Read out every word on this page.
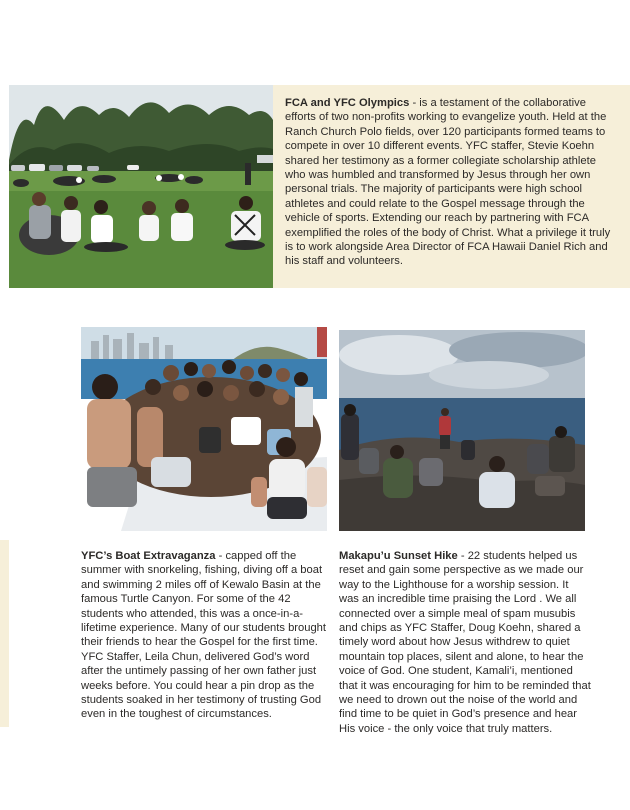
FCA and YFC Olympics - is a testament of the collaborative efforts of two non-profits working to evangelize youth. Held at the Ranch Church Polo fields, over 120 participants formed teams to compete in over 10 different events. YFC staffer, Stevie Koehn shared her testimony as a former collegiate scholarship athlete who was humbled and transformed by Jesus through her own personal trials. The majority of participants were high school athletes and could relate to the Gospel message through the vehicle of sports. Extending our reach by partnering with FCA exemplified the roles of the body of Christ. What a privilege it truly is to work alongside Area Director of FCA Hawaii Daniel Rich and his staff and volunteers.

YFC’s Boat Extravaganza - capped off the summer with snorkeling, fishing, diving off a boat and swimming 2 miles off of Kewalo Basin at the famous Turtle Canyon. For some of the 42 students who attended, this was a once-in-a-lifetime experience. Many of our students brought their friends to hear the Gospel for the first time. YFC Staffer, Leila Chun, delivered God’s word after the untimely passing of her own father just weeks before. You could hear a pin drop as the students soaked in her testimony of trusting God even in the toughest of circumstances.

Makapu’u Sunset Hike - 22 students helped us reset and gain some perspective as we made our way to the Lighthouse for a worship session. It was an incredible time praising the Lord . We all connected over a simple meal of spam musubis and chips as YFC Staffer, Doug Koehn, shared a timely word about how Jesus withdrew to quiet mountain top places, silent and alone, to hear the voice of God. One student, Kamali’i, mentioned that it was encouraging for him to be reminded that we need to drown out the noise of the world and find time to be quiet in God’s presence and hear His voice - the only voice that truly matters.
